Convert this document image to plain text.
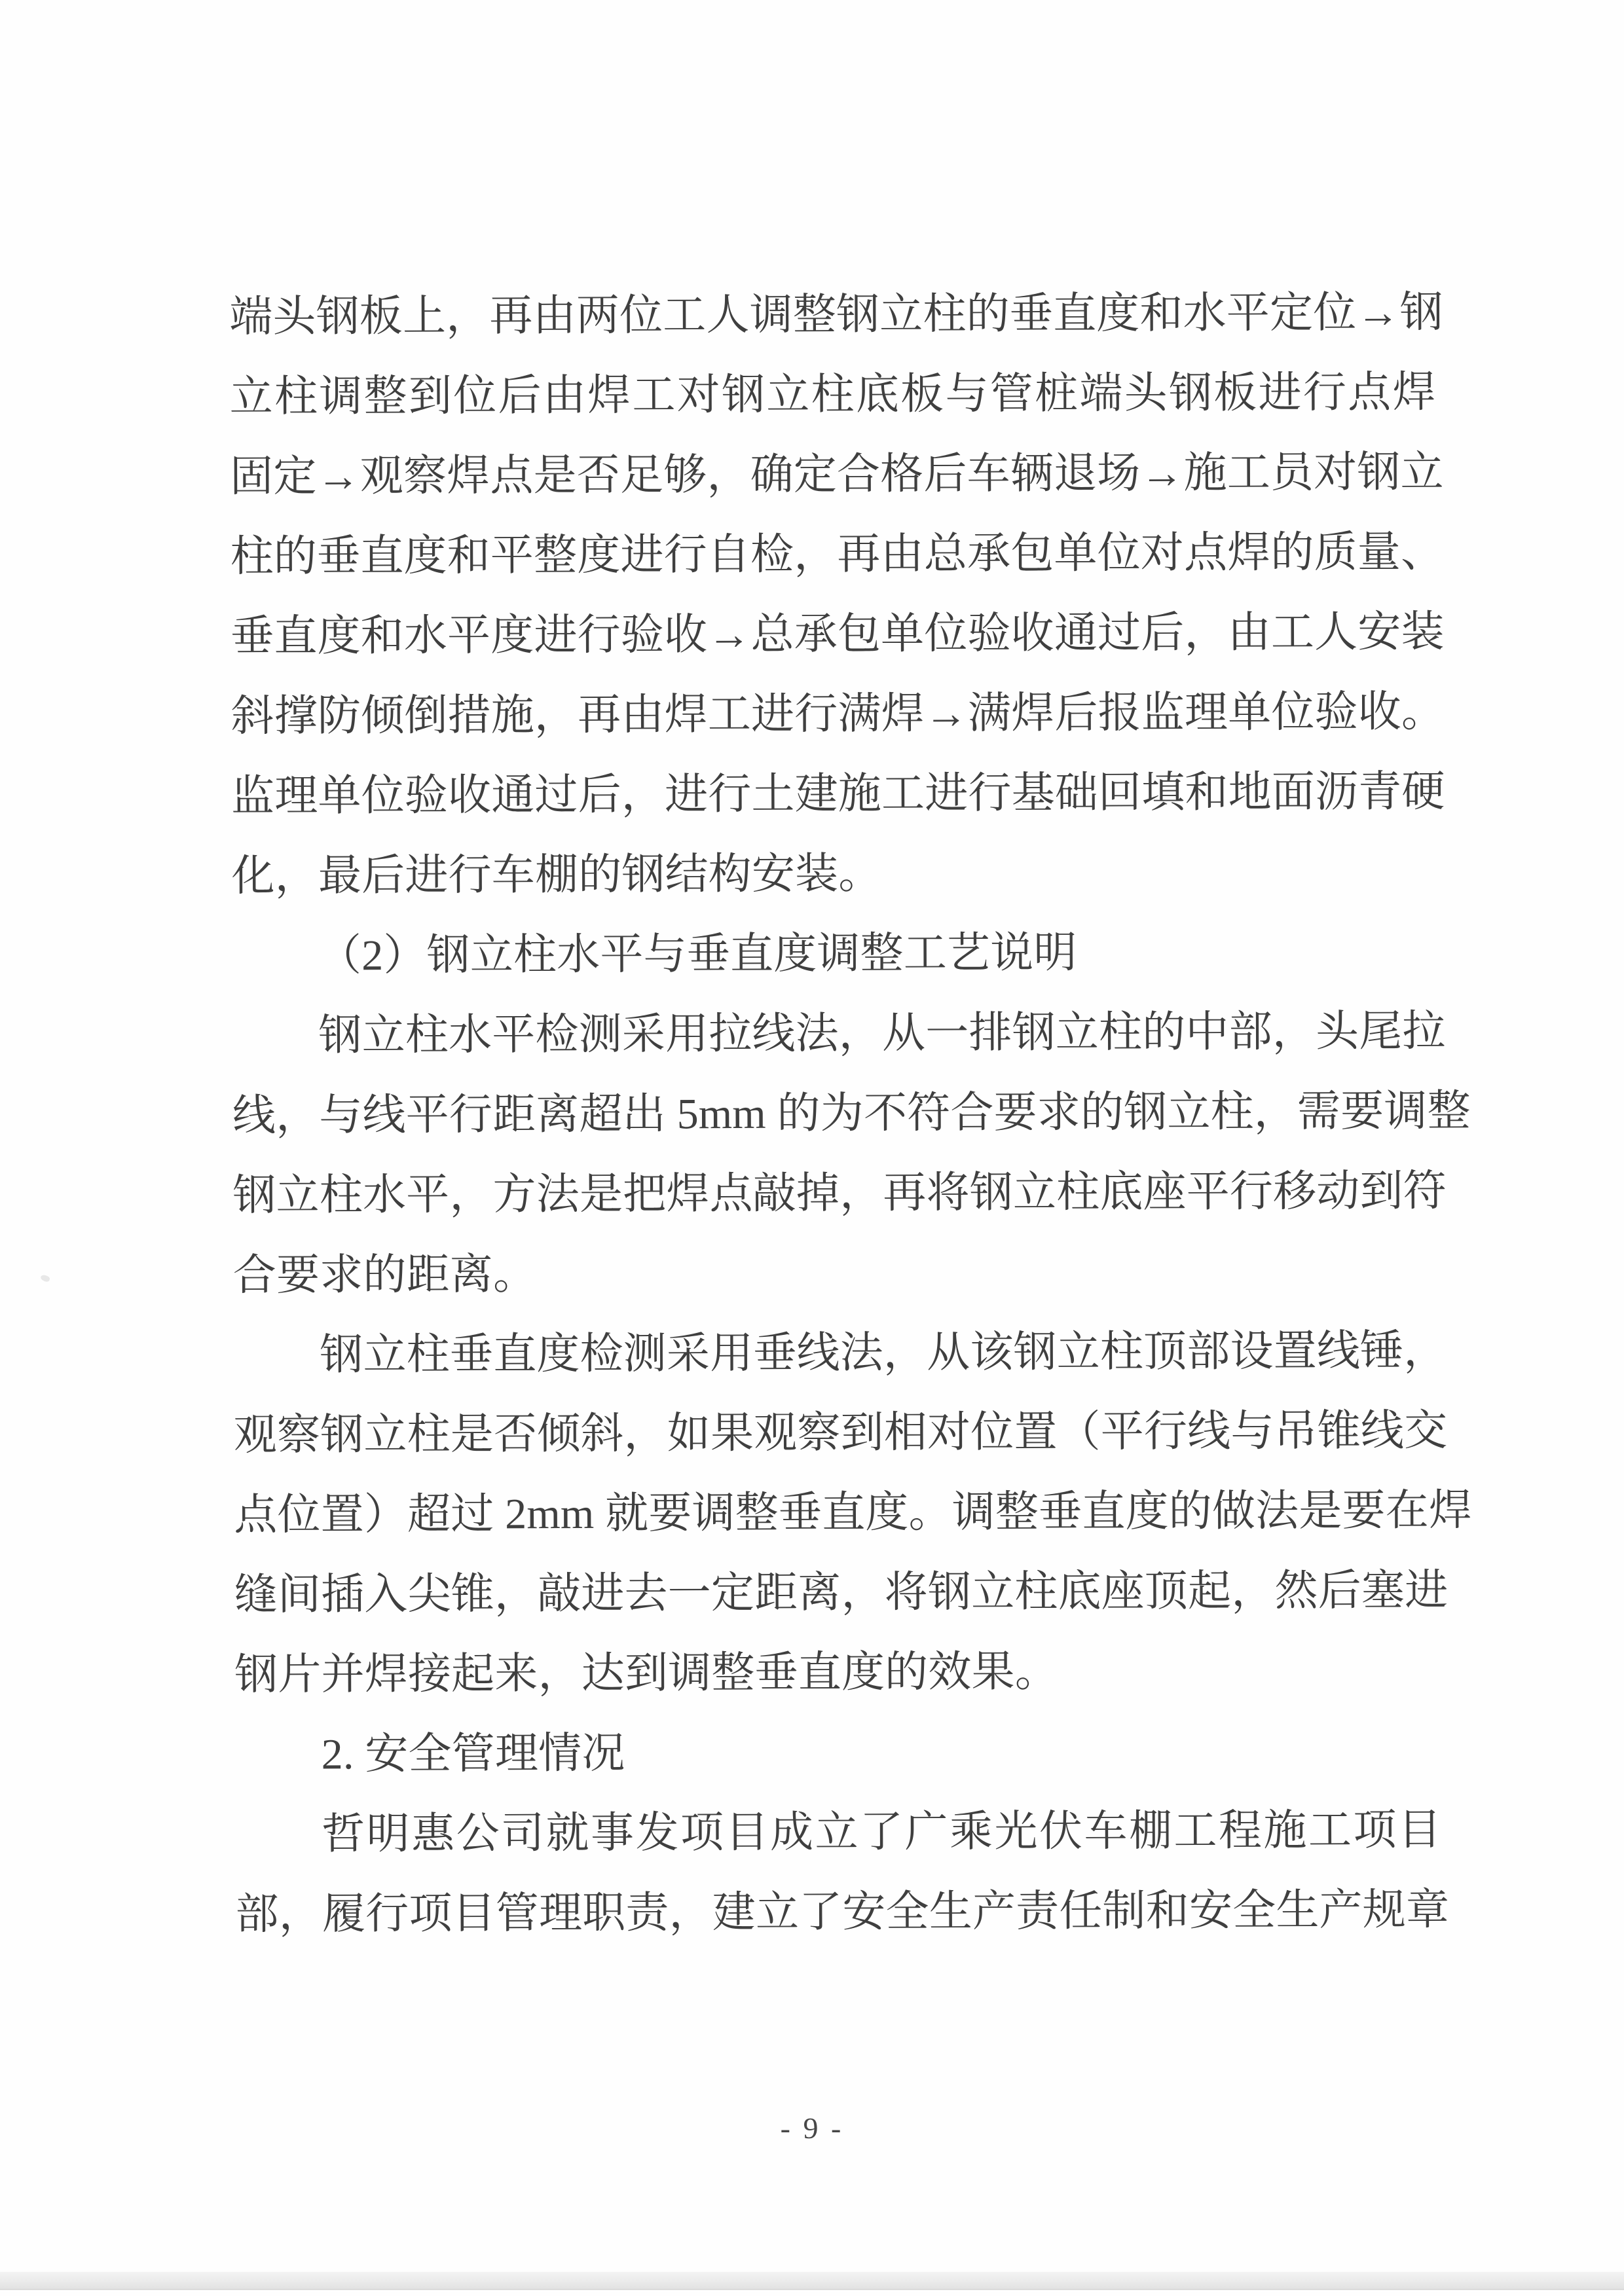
端头钢板上，再由两位工人调整钢立柱的垂直度和水平定位→钢
立柱调整到位后由焊工对钢立柱底板与管桩端头钢板进行点焊
固定→观察焊点是否足够，确定合格后车辆退场→施工员对钢立
柱的垂直度和平整度进行自检，再由总承包单位对点焊的质量、
垂直度和水平度进行验收→总承包单位验收通过后，由工人安装
斜撑防倾倒措施，再由焊工进行满焊→满焊后报监理单位验收。
监理单位验收通过后，进行土建施工进行基础回填和地面沥青硬
化，最后进行车棚的钢结构安装。
（2）钢立柱水平与垂直度调整工艺说明
钢立柱水平检测采用拉线法，从一排钢立柱的中部，头尾拉
线，与线平行距离超出 5mm 的为不符合要求的钢立柱，需要调整
钢立柱水平，方法是把焊点敲掉，再将钢立柱底座平行移动到符
合要求的距离。
钢立柱垂直度检测采用垂线法，从该钢立柱顶部设置线锤，
观察钢立柱是否倾斜，如果观察到相对位置（平行线与吊锥线交
点位置）超过 2mm 就要调整垂直度。调整垂直度的做法是要在焊
缝间插入尖锥，敲进去一定距离，将钢立柱底座顶起，然后塞进
钢片并焊接起来，达到调整垂直度的效果。
2. 安全管理情况
哲明惠公司就事发项目成立了广乘光伏车棚工程施工项目
部，履行项目管理职责，建立了安全生产责任制和安全生产规章
- 9 -
